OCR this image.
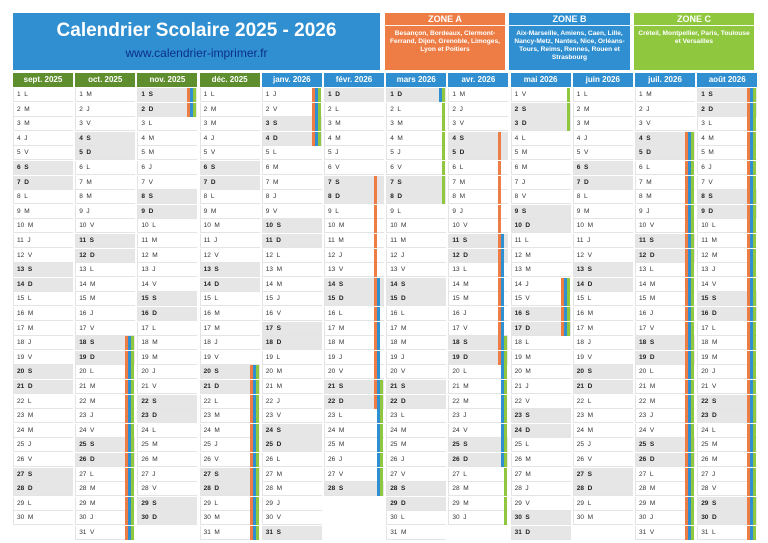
Calendrier Scolaire 2025 - 2026
www.calendrier-imprimer.fr
ZONE A
Besançon, Bordeaux, Clermont-Ferrand, Dijon, Grenoble, Limoges, Lyon et Poitiers
ZONE B
Aix-Marseille, Amiens, Caen, Lille, Nancy-Metz, Nantes, Nice, Orléans-Tours, Reims, Rennes, Rouen et Strasbourg
ZONE C
Créteil, Montpellier, Paris, Toulouse et Versailles
sept. 2025
1  L
2  M
3  M
4  J
5  V
6  S
7  D
8  L
9  M
10  M
11  J
12  V
13  S
14  D
15  L
16  M
17  M
18  J
19  V
20  S
21  D
22  L
23  M
24  M
25  J
26  V
27  S
28  D
29  L
30  M
oct. 2025
1  M
2  J
3  V
4  S
5  D
6  L
7  M
8  M
9  J
10  V
11  S
12  D
13  L
14  M
15  M
16  J
17  V
18  S
19  D
20  L
21  M
22  M
23  J
24  V
25  S
26  D
27  L
28  M
29  M
30  J
31  V
nov. 2025
1  S
2  D
3  L
4  M
5  M
6  J
7  V
8  S
9  D
10  L
11  M
12  M
13  J
14  V
15  S
16  D
17  L
18  M
19  M
20  J
21  V
22  S
23  D
24  L
25  M
26  M
27  J
28  V
29  S
30  D
déc. 2025
1  L
2  M
3  M
4  J
5  V
6  S
7  D
8  L
9  M
10  M
11  J
12  V
13  S
14  D
15  L
16  M
17  M
18  J
19  V
20  S
21  D
22  L
23  M
24  M
25  J
26  V
27  S
28  D
29  L
30  M
31  M
janv. 2026
1  J
2  V
3  S
4  D
5  L
6  M
7  M
8  J
9  V
10  S
11  D
12  L
13  M
14  M
15  J
16  V
17  S
18  D
19  L
20  M
21  M
22  J
23  V
24  S
25  D
26  L
27  M
28  M
29  J
30  V
31  S
févr. 2026
1  D
2  L
3  M
4  M
5  J
6  V
7  S
8  D
9  L
10  M
11  M
12  J
13  V
14  S
15  D
16  L
17  M
18  M
19  J
20  V
21  S
22  D
23  L
24  M
25  M
26  J
27  V
28  S
mars 2026
1  D
2  L
3  M
4  M
5  J
6  V
7  S
8  D
9  L
10  M
11  M
12  J
13  V
14  S
15  D
16  L
17  M
18  M
19  J
20  V
21  S
22  D
23  L
24  M
25  M
26  J
27  V
28  S
29  D
30  L
31  M
avr. 2026
1  M
2  J
3  V
4  S
5  D
6  L
7  M
8  M
9  J
10  V
11  S
12  D
13  L
14  M
15  M
16  J
17  V
18  S
19  D
20  L
21  M
22  M
23  J
24  V
25  S
26  D
27  L
28  M
29  M
30  J
mai 2026
1  V
2  S
3  D
4  L
5  M
6  M
7  J
8  V
9  S
10  D
11  L
12  M
13  M
14  J
15  V
16  S
17  D
18  L
19  M
20  M
21  J
22  V
23  S
24  D
25  L
26  M
27  M
28  J
29  V
30  S
31  D
juin 2026
1  L
2  M
3  M
4  J
5  V
6  S
7  D
8  L
9  M
10  M
11  J
12  V
13  S
14  D
15  L
16  M
17  M
18  J
19  V
20  S
21  D
22  L
23  M
24  M
25  J
26  V
27  S
28  D
29  L
30  M
juil. 2026
1  M
2  J
3  V
4  S
5  D
6  L
7  M
8  M
9  J
10  V
11  S
12  D
13  L
14  M
15  M
16  J
17  V
18  S
19  D
20  L
21  M
22  M
23  J
24  V
25  S
26  D
27  L
28  M
29  M
30  J
31  V
août 2026
1  S
2  D
3  L
4  M
5  M
6  J
7  V
8  S
9  D
10  L
11  M
12  M
13  J
14  V
15  S
16  D
17  L
18  M
19  M
20  J
21  V
22  S
23  D
24  L
25  M
26  M
27  J
28  V
29  S
30  D
31  L
